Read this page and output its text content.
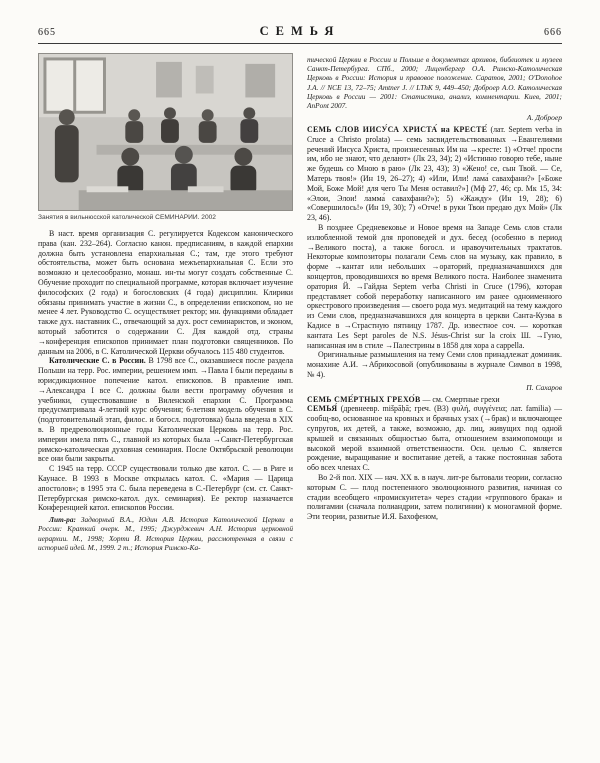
665	СЕМЬЯ	666
Занятия в вильнюсской католической СЕМИНАРИИ. 2002

В наст. время организация С. регулируется Кодексом канонического права (кан. 232–264). Согласно канон. предписаниям, в каждой епархии должна быть установлена епархиальная С.; там, где этого требуют обстоятельства, может быть основана межъепархиальная С. Если это возможно и целесообразно, монаш. ин-ты могут создать собственные С. Обучение проходит по специальной программе, которая включает изучение философских (2 года) и богословских (4 года) дисциплин. Клирики обязаны принимать участие в жизни С., в определении епископом, но не менее 4 лет. Руководство С. осуществляет ректор; мн. функциями обладает также дух. наставник С., отвечающий за дух. рост семинаристов, и эконом, который заботится о содержании С. Для каждой отд. страны →конференция епископов принимает план подготовки священников. По данным на 2006, в С. Католической Церкви обучалось 115 480 студентов.

Католические С. в России. В 1798 все С., оказавшиеся после раздела Польши на терр. Рос. империи, решением имп. →Павла I были переданы в юрисдикционное попечение катол. епископов. В правление имп. →Александра I все С. должны были вести программу обучения и учебники, существовавшие в Виленской епархии С. Программа предусматривала 4-летний курс обучения; 6-летняя модель обучения в С. (подготовительный этап, филос. и богосл. подготовка) была введена в XIX в. В предреволюционные годы Католическая Церковь на терр. Рос. империи имела пять С., главной из которых была →Санкт-Петербургская римско-католическая духовная семинария. После Октябрьской революции все они были закрыты.

С 1945 на терр. СССР существовали только две катол. С. — в Риге и Каунасе. В 1993 в Москве открылась катол. С. «Мария — Царица апостолов»; в 1995 эта С. была переведена в С.-Петербург (см. ст. Санкт-Петербургская римско-катол. дух. семинария). Ее ректор назначается Конференцией катол. епископов России.

Лит-ра: Задворный В.А., Юдин А.В. История Католической Церкви в России: Краткий очерк. М., 1995; Джурджевич А.Н. История церковной иерархии. М., 1998; Хорти Й. История Церкви, рассмотренная в связи с историей идей. М., 1999. 2 т.; История Римско-Ка-

тической Церкви в России и Польше в документах архивов, библиотек и музеев Санкт-Петербурга. СПб., 2000; Лиценбергер О.А. Римско-Католическая Церковь в России: История и правовое положение. Саратов, 2001; O'Donohoe J.A. // NCE 13, 72–75; Amtner J. // LThK 9, 449–450; Доброер А.О. Католическая Церковь в России — 2001: Статистика, анализ, комментарии. Киев, 2001; AnPont 2007.

А. Доброер

СЕМЬ СЛОВ ИИСУ́СА ХРИСТА́ на КРЕСТЕ́ (лат. Septem verba in Cruce a Christo prolata) — семь засвидетельствованных →Евангелиями речений Иисуса Христа, произнесенных Им на →кресте: 1) «Отче! прости им, ибо не знают, что делают» (Лк 23, 34); 2) «Истинно говорю тебе, ныне же будешь со Мною в раю» (Лк 23, 43); 3) «Жено! се, сын Твой. — Се, Матерь твоя!» (Ин 19, 26–27); 4) «Или, Или! лама́ савахфани?» [«Боже Мой, Боже Мой! для чего Ты Меня оставил?»] (Мф 27, 46; ср. Мк 15, 34: «Элои, Элои! ламма́ савахфани?»); 5) «Жажду» (Ин 19, 28); 6) «Совершилось!» (Ин 19, 30); 7) «Отче! в руки Твои предаю дух Мой» (Лк 23, 46).

В позднее Средневековье и Новое время на Западе Семь слов стали излюбленной темой для проповедей и дух. бесед (особенно в период →Великого поста), а также богосл. и нравоучительных трактатов. Некоторые композиторы полагали Семь слов на музыку, как правило, в форме →кантат или небольших →ораторий, предназначавшихся для концертов, проводившихся во время Великого поста. Наиболее знаменита оратория Й. →Гайдна Septem verba Christi in Cruce (1796), которая представляет собой переработку написанного им ранее одноименного оркестрового произведения — своего рода муз. медитаций на тему каждого из Семи слов, предназначавшихся для концерта в церкви Санта-Куэва в Кадисе в →Страстную пятницу 1787. Др. известное соч. — короткая кантата Les Sept paroles de N.S. Jésus-Christ sur la croix Ш. →Гуно, написанная им в стиле →Палестрины в 1858 для хора a cappella.

Оригинальные размышления на тему Семи слов принадлежат доминик. монахине А.И. →Абрикосовой (опубликованы в журнале Символ в 1998, № 4).

П. Сахаров

СЕМЬ СМЕ́РТНЫХ ГРЕХО́В — см. Смертные грехи

СЕМЬЯ́ (древнеевр. mišpāḥā; греч. (ВЗ) φυλή, συγγένεια; лат. familia) — сообщ-во, основанное на кровных и брачных узах (→брак) и включающее супругов, их детей, а также, возможно, др. лиц, живущих под одной крышей и связанных общностью быта, отношением взаимопомощи и высокой мерой взаимной ответственности. Осн. целью С. является рождение, выращивание и воспитание детей, а также постоянная забота обо всех членах С.

Во 2-й пол. XIX — нач. XX в. в науч. лит-ре бытовали теории, согласно которым С. — плод постепенного эволюционного развития, начиная со стадии всеобщего «промискуитета» через стадии «группового брака» и полигамии (сначала полиандрии, затем полигинии) к моногамной форме. Эти теории, развитые И.Я. Бахофеном,
